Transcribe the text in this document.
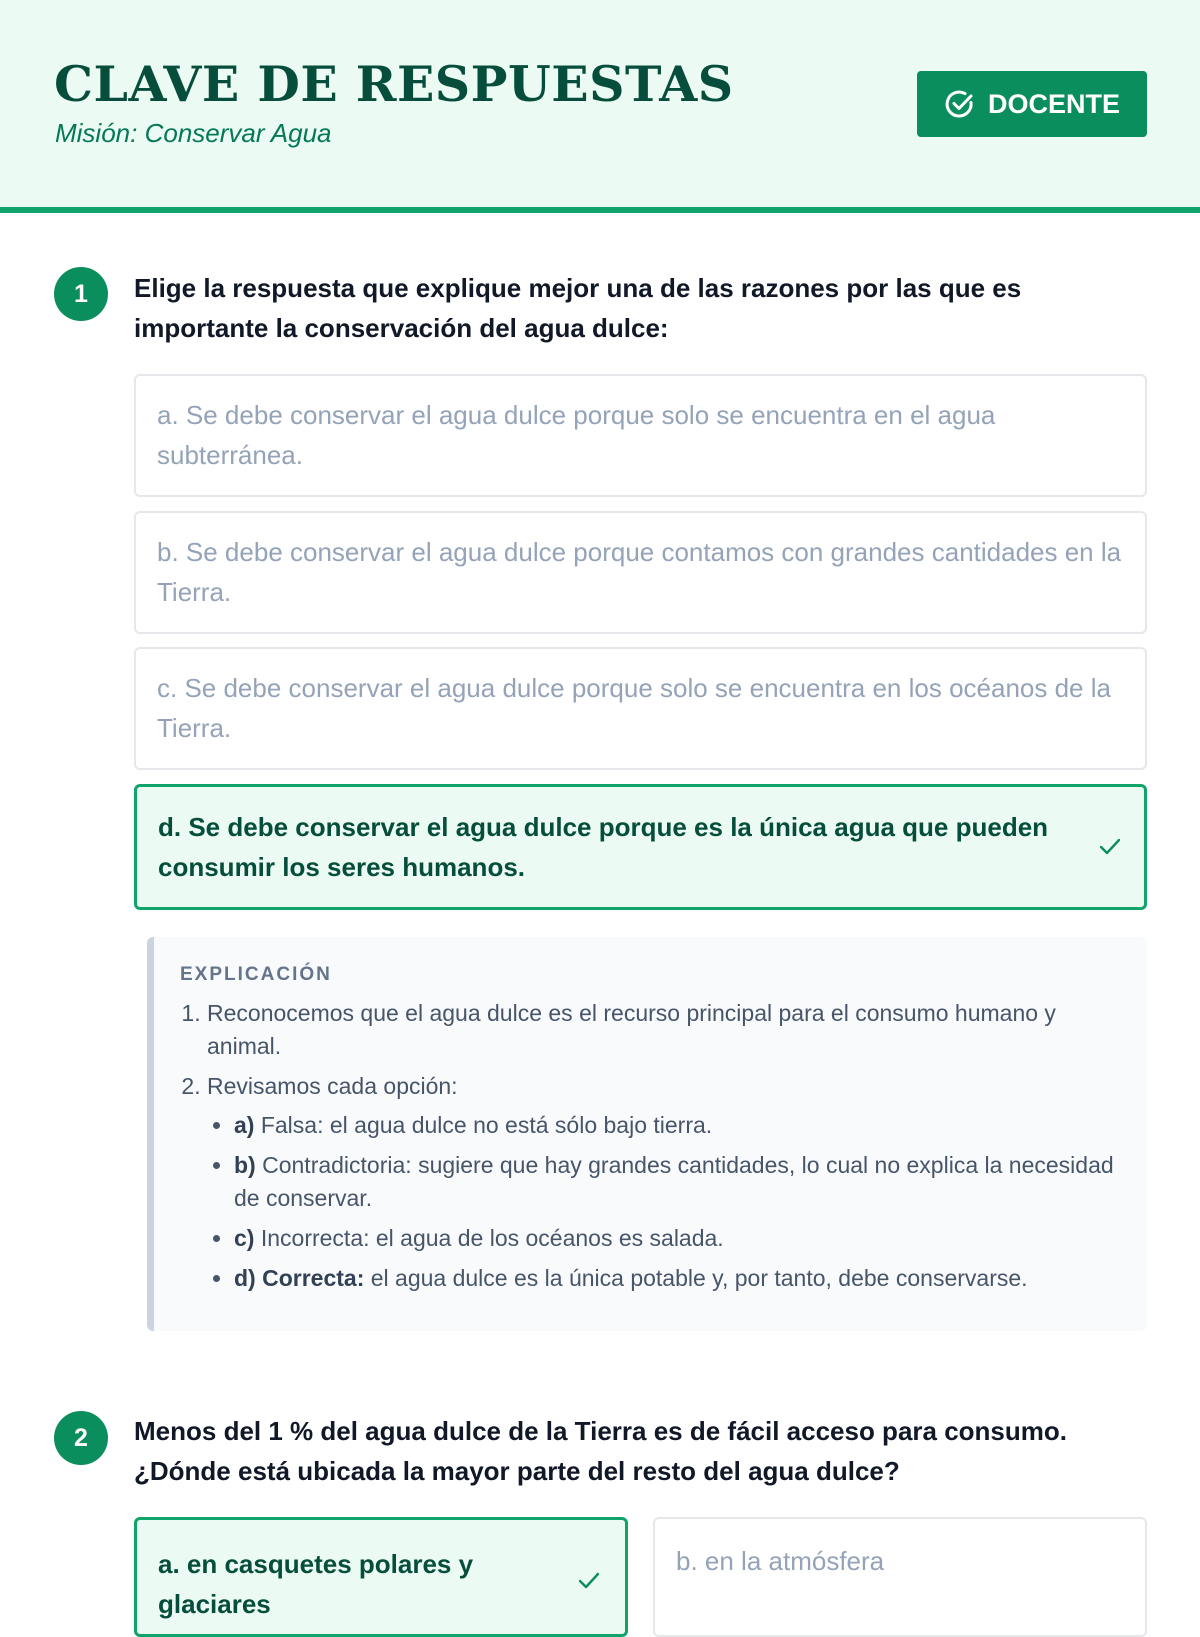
CLAVE DE RESPUESTAS
Misión: Conservar Agua
DOCENTE
1	Elige la respuesta que explique mejor una de las razones por las que es importante la conservación del agua dulce:
a. Se debe conservar el agua dulce porque solo se encuentra en el agua subterránea.
b. Se debe conservar el agua dulce porque contamos con grandes cantidades en la Tierra.
c. Se debe conservar el agua dulce porque solo se encuentra en los océanos de la Tierra.
d. Se debe conservar el agua dulce porque es la única agua que pueden consumir los seres humanos.
EXPLICACIÓN
1. Reconocemos que el agua dulce es el recurso principal para el consumo humano y animal.
2. Revisamos cada opción:
• a) Falsa: el agua dulce no está sólo bajo tierra.
• b) Contradictoria: sugiere que hay grandes cantidades, lo cual no explica la necesidad de conservar.
• c) Incorrecta: el agua de los océanos es salada.
• d) Correcta: el agua dulce es la única potable y, por tanto, debe conservarse.
2	Menos del 1 % del agua dulce de la Tierra es de fácil acceso para consumo. ¿Dónde está ubicada la mayor parte del resto del agua dulce?
a. en casquetes polares y glaciares
b. en la atmósfera
